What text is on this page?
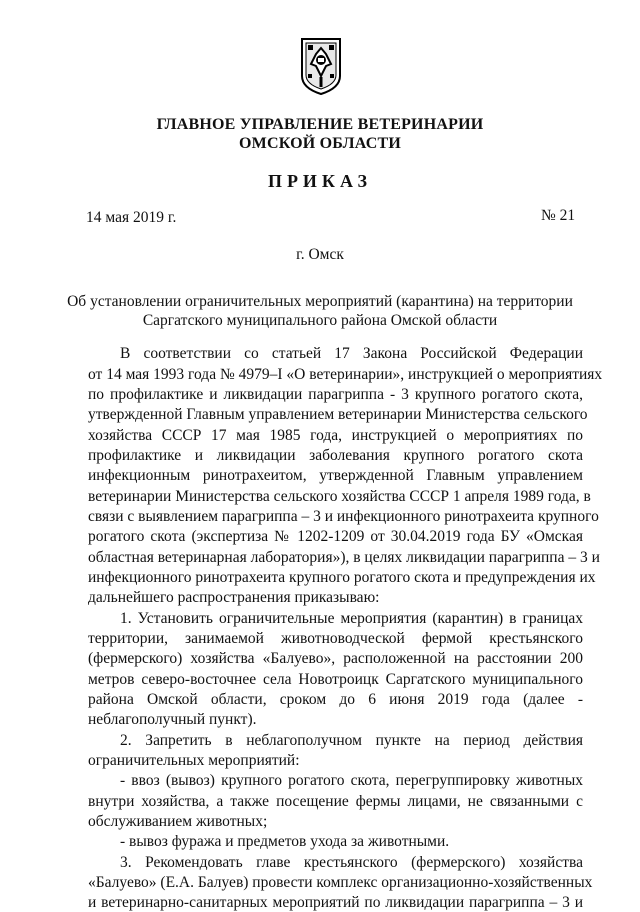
ГЛАВНОЕ УПРАВЛЕНИЕ ВЕТЕРИНАРИИ
ОМСКОЙ ОБЛАСТИ
ПРИКАЗ
14 мая 2019 г.	№ 21
г. Омск
Об установлении ограничительных мероприятий (карантина) на территории
Саргатского муниципального района Омской области
В соответствии со статьей 17 Закона Российской Федерации
от 14 мая 1993 года № 4979–I «О ветеринарии», инструкцией о мероприятиях
по профилактике и ликвидации парагриппа - 3 крупного рогатого скота,
утвержденной Главным управлением ветеринарии Министерства сельского
хозяйства СССР 17 мая 1985 года, инструкцией о мероприятиях по
профилактике и ликвидации заболевания крупного рогатого скота
инфекционным ринотрахеитом, утвержденной Главным управлением
ветеринарии Министерства сельского хозяйства СССР 1 апреля 1989 года, в
связи с выявлением парагриппа – 3 и инфекционного ринотрахеита крупного
рогатого скота (экспертиза № 1202-1209 от 30.04.2019 года БУ «Омская
областная ветеринарная лаборатория»), в целях ликвидации парагриппа – 3 и
инфекционного ринотрахеита крупного рогатого скота и предупреждения их
дальнейшего распространения приказываю:
1. Установить ограничительные мероприятия (карантин) в границах
территории, занимаемой животноводческой фермой крестьянского
(фермерского) хозяйства «Балуево», расположенной на расстоянии 200
метров северо-восточнее села Новотроицк Саргатского муниципального
района Омской области, сроком до 6 июня 2019 года (далее -
неблагополучный пункт).
2. Запретить в неблагополучном пункте на период действия
ограничительных мероприятий:
- ввоз (вывоз) крупного рогатого скота, перегруппировку животных
внутри хозяйства, а также посещение фермы лицами, не связанными с
обслуживанием животных;
- вывоз фуража и предметов ухода за животными.
3. Рекомендовать главе крестьянского (фермерского) хозяйства
«Балуево» (Е.А. Балуев) провести комплекс организационно-хозяйственных
и ветеринарно-санитарных мероприятий по ликвидации парагриппа – 3 и
